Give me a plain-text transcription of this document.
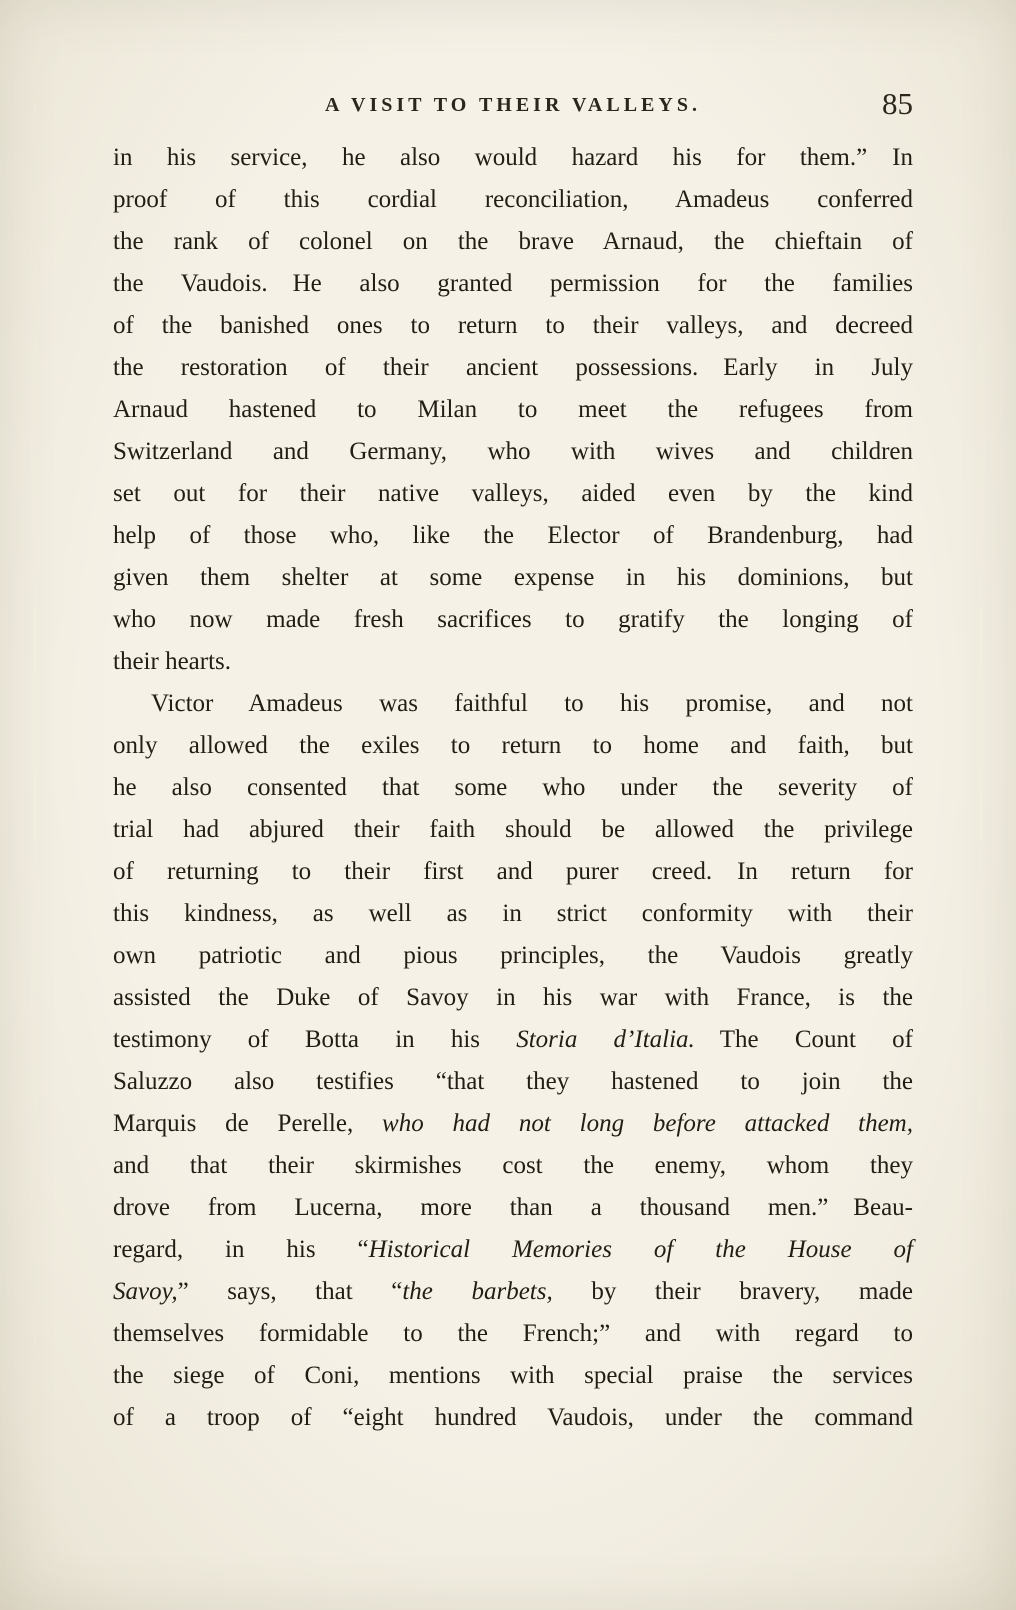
A VISIT TO THEIR VALLEYS.	85
in his service, he also would hazard his for them.” In
proof of this cordial reconciliation, Amadeus conferred
the rank of colonel on the brave Arnaud, the chieftain of
the Vaudois. He also granted permission for the families
of the banished ones to return to their valleys, and decreed
the restoration of their ancient possessions. Early in July
Arnaud hastened to Milan to meet the refugees from
Switzerland and Germany, who with wives and children
set out for their native valleys, aided even by the kind
help of those who, like the Elector of Brandenburg, had
given them shelter at some expense in his dominions, but
who now made fresh sacrifices to gratify the longing of
their hearts.
Victor Amadeus was faithful to his promise, and not
only allowed the exiles to return to home and faith, but
he also consented that some who under the severity of
trial had abjured their faith should be allowed the privilege
of returning to their first and purer creed. In return for
this kindness, as well as in strict conformity with their
own patriotic and pious principles, the Vaudois greatly
assisted the Duke of Savoy in his war with France, is the
testimony of Botta in his Storia d’Italia. The Count of
Saluzzo also testifies “that they hastened to join the
Marquis de Perelle, who had not long before attacked them,
and that their skirmishes cost the enemy, whom they
drove from Lucerna, more than a thousand men.” Beau-
regard, in his “Historical Memories of the House of
Savoy,” says, that “the barbets, by their bravery, made
themselves formidable to the French;” and with regard to
the siege of Coni, mentions with special praise the services
of a troop of “eight hundred Vaudois, under the command
